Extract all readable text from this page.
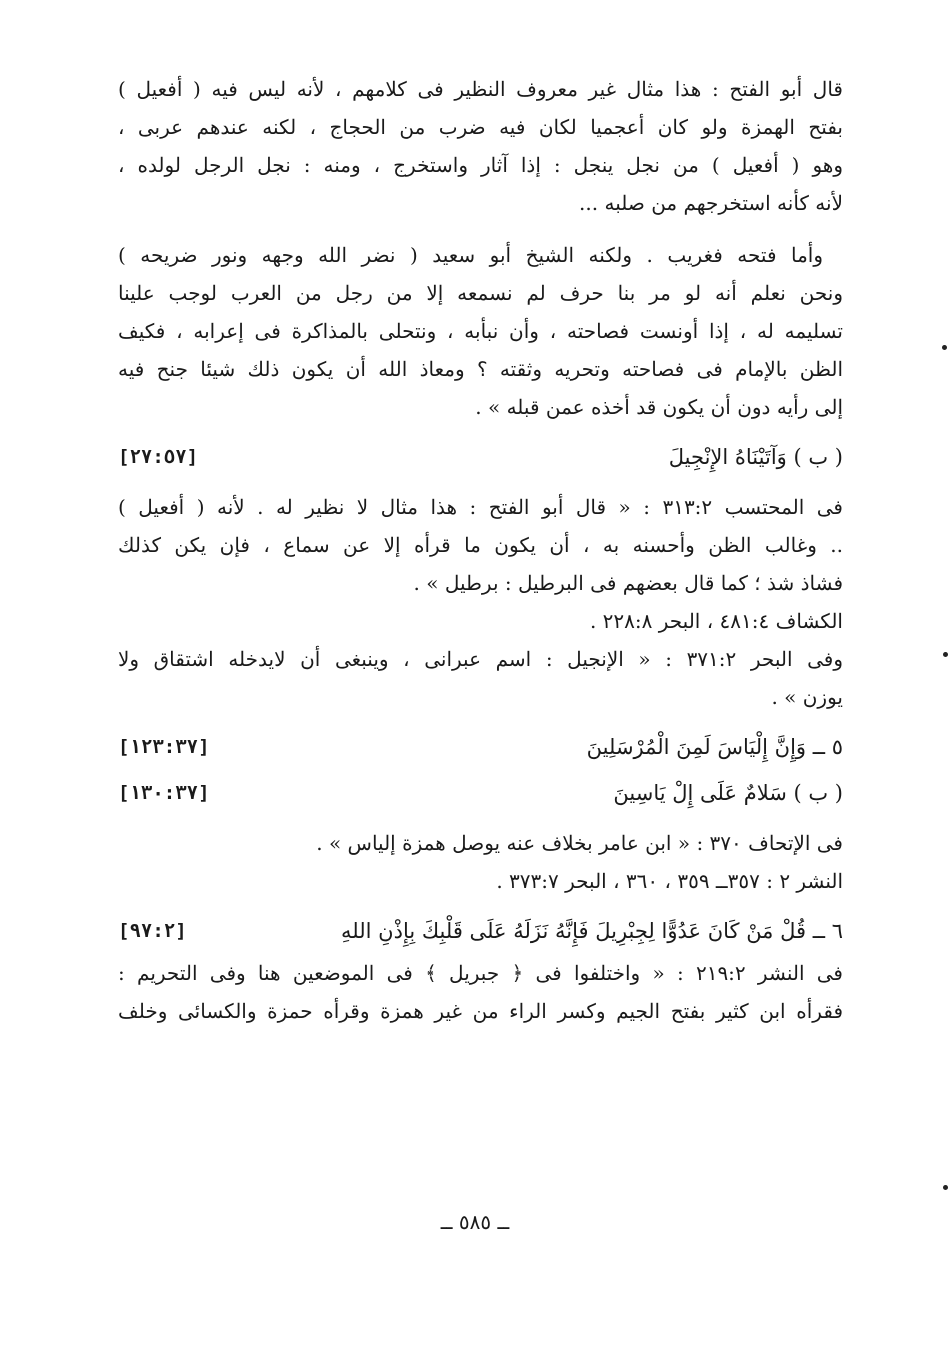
قال أبو الفتح : هذا مثال غير معروف النظير فى كلامهم ، لأنه ليس فيه ( أفعيل )
بفتح الهمزة ولو كان أعجميا لكان فيه ضرب من الحجاج ، لكنه عندهم عربى ،
وهو ( أفعيل ) من نجل ينجل : إذا آثار واستخرج ، ومنه : نجل الرجل لولده ،
لأنه كأنه استخرجهم من صلبه ...
وأما فتحه فغريب . ولكنه الشيخ أبو سعيد ( نضر الله وجهه ونور ضريحه )
ونحن نعلم أنه لو مر بنا حرف لم نسمعه إلا من رجل من العرب لوجب علينا
تسليمه له ، إذا أونست فصاحته ، وأن نبأبه ، ونتحلى بالمذاكرة فى إعرابه ، فكيف
الظن بالإمام فى فصاحته وتحريه وثقته ؟ ومعاذ الله أن يكون ذلك شيئا جنح فيه
إلى رأيه دون أن يكون قد أخذه عمن قبله » .
( ب ) وَآتَيْنَاهُ الإِنْجِيلَ
[٢٧:٥٧]
فى المحتسب ٣١٣:٢ : « قال أبو الفتح : هذا مثال لا نظير له . لأنه ( أفعيل )
.. وغالب الظن وأحسنه به ، أن يكون ما قرأه إلا عن سماع ، فإن يكن كذلك
فشاذ شذ ؛ كما قال بعضهم فى البرطيل : برطيل » .
الكشاف ٤٨١:٤ ، البحر ٢٢٨:٨ .
وفى البحر ٣٧١:٢ : « الإنجيل : اسم عبرانى ، وينبغى أن لايدخله اشتقاق ولا
يوزن » .
٥ ــ وَإِنَّ إِلْيَاسَ لَمِنَ الْمُرْسَلِينَ
[١٢٣:٣٧]
( ب ) سَلامٌ عَلَى إِلْ يَاسِينَ
[١٣٠:٣٧]
فى الإتحاف ٣٧٠ : « ابن عامر بخلاف عنه يوصل همزة إلياس » .
النشر ٢ : ٣٥٧ــ ٣٥٩ ، ٣٦٠ ، البحر ٣٧٣:٧ .
٦ ــ قُلْ مَنْ كَانَ عَدُوًّا لِجِبْرِيلَ فَإِنَّهُ نَزَلَهُ عَلَى قَلْبِكَ بِإِذْنِ اللهِ
[٩٧:٢]
فى النشر ٢١٩:٢ : « واختلفوا فى ﴿ جبريل ﴾ فى الموضعين هنا وفى التحريم :
فقرأه ابن كثير بفتح الجيم وكسر الراء من غير همزة وقرأه حمزة والكسائى وخلف
ــ ٥٨٥ ــ
